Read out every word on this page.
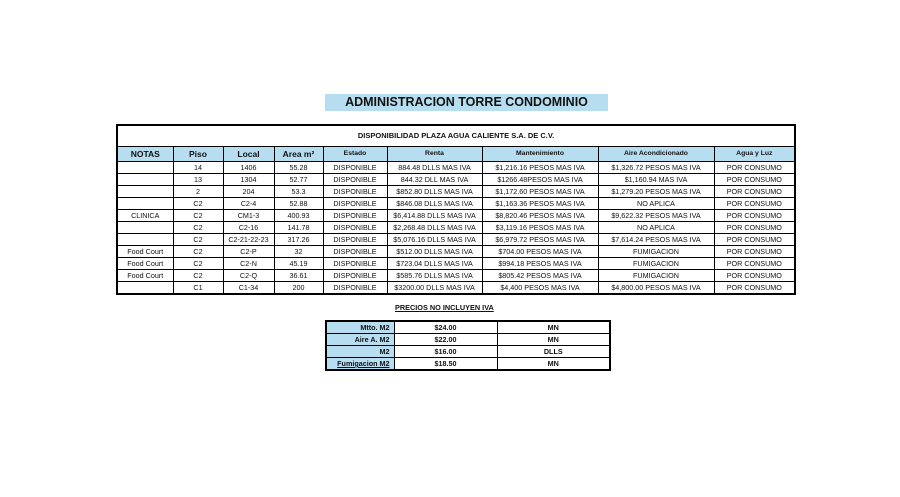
ADMINISTRACION TORRE CONDOMINIO
DISPONIBILIDAD PLAZA AGUA CALIENTE S.A. DE C.V.								
NOTAS	Piso	Local	Area m²	Estado	Renta	Mantenimiento	Aire Acondicionado	Agua y Luz
	14	1406	55.28	DISPONIBLE	884.48 DLLS MAS IVA	$1,216.16 PESOS MAS IVA	$1,326.72 PESOS MAS IVA	POR CONSUMO
	13	1304	52.77	DISPONIBLE	844.32 DLL MAS IVA	$1266.48PESOS MAS IVA	$1,160.94 MAS IVA	POR CONSUMO
	2	204	53.3	DISPONIBLE	$852.80 DLLS MAS IVA	$1,172.60 PESOS MAS IVA	$1,279.20 PESOS MAS IVA	POR CONSUMO
	C2	C2-4	52.88	DISPONIBLE	$846.08 DLLS MAS IVA	$1,163.36 PESOS MAS IVA	NO APLICA	POR CONSUMO
CLINICA	C2	CM1-3	400.93	DISPONIBLE	$6,414.88 DLLS MAS IVA	$8,820.46 PESOS MAS IVA	$9,622.32 PESOS MAS IVA	POR CONSUMO
	C2	C2-16	141.78	DISPONIBLE	$2,268.48 DLLS MAS IVA	$3,119.16 PESOS MAS IVA	NO APLICA	POR CONSUMO
	C2	C2-21-22-23	317.26	DISPONIBLE	$5,076.16 DLLS MAS IVA	$6,979.72 PESOS MAS IVA	$7,614.24 PESOS MAS IVA	POR CONSUMO
Food Court	C2	C2-P	32	DISPONIBLE	$512.00 DLLS MAS IVA	$704.00 PESOS MAS IVA	FUMIGACION	POR CONSUMO
Food Court	C2	C2-N	45.19	DISPONIBLE	$723.04 DLLS MAS IVA	$994.18 PESOS MAS IVA	FUMIGACION	POR CONSUMO
Food Court	C2	C2-Q	36.61	DISPONIBLE	$585.76 DLLS MAS IVA	$805.42 PESOS MAS IVA	FUMIGACION	POR CONSUMO
	C1	C1-34	200	DISPONIBLE	$3200.00 DLLS MAS IVA	$4,400 PESOS MAS IVA	$4,800.00 PESOS MAS IVA	POR CONSUMO
PRECIOS NO INCLUYEN IVA
Mtto. M2	$24.00	MN
Aire A. M2	$22.00	MN
M2	$16.00	DLLS
Fumigacion M2	$18.50	MN
